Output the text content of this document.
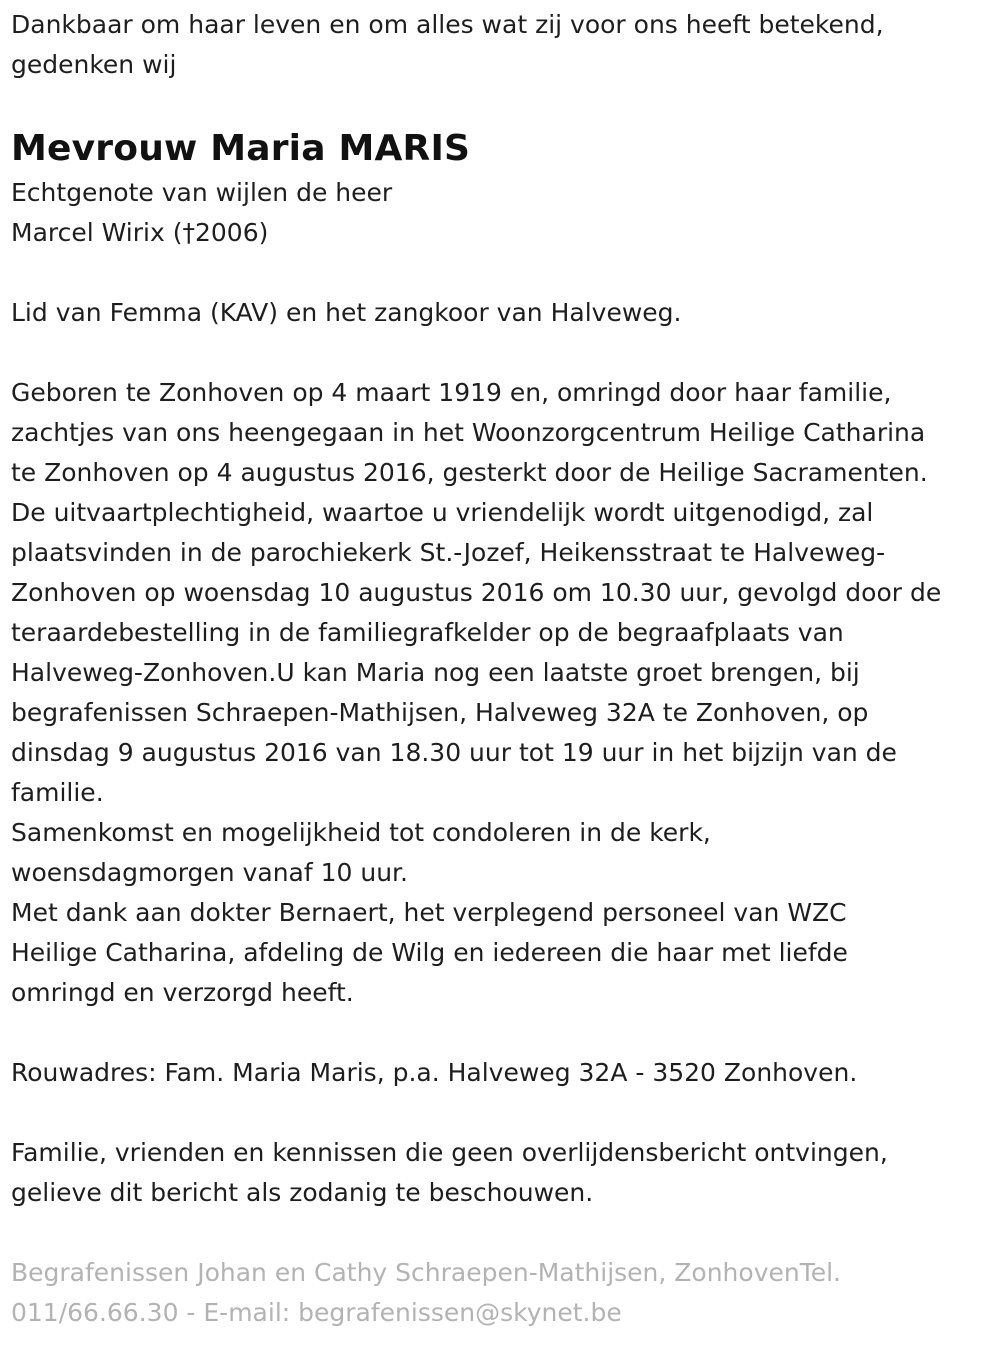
Dankbaar om haar leven en om alles wat zij voor ons heeft betekend,
gedenken wij

Mevrouw Maria MARIS

Echtgenote van wijlen de heer
Marcel Wirix (†2006)

Lid van Femma (KAV) en het zangkoor van Halveweg.

Geboren te Zonhoven op 4 maart 1919 en, omringd door haar familie,
zachtjes van ons heengegaan in het Woonzorgcentrum Heilige Catharina
te Zonhoven op 4 augustus 2016, gesterkt door de Heilige Sacramenten.
De uitvaartplechtigheid, waartoe u vriendelijk wordt uitgenodigd, zal
plaatsvinden in de parochiekerk St.-Jozef, Heikensstraat te Halveweg-
Zonhoven op woensdag 10 augustus 2016 om 10.30 uur, gevolgd door de
teraardebestelling in de familiegrafkelder op de begraafplaats van
Halveweg-Zonhoven.U kan Maria nog een laatste groet brengen, bij
begrafenissen Schraepen-Mathijsen, Halveweg 32A te Zonhoven, op
dinsdag 9 augustus 2016 van 18.30 uur tot 19 uur in het bijzijn van de
familie.
Samenkomst en mogelijkheid tot condoleren in de kerk,
woensdagmorgen vanaf 10 uur.
Met dank aan dokter Bernaert, het verplegend personeel van WZC
Heilige Catharina, afdeling de Wilg en iedereen die haar met liefde
omringd en verzorgd heeft.

Rouwadres: Fam. Maria Maris, p.a. Halveweg 32A - 3520 Zonhoven.

Familie, vrienden en kennissen die geen overlijdensbericht ontvingen,
gelieve dit bericht als zodanig te beschouwen.

Begrafenissen Johan en Cathy Schraepen-Mathijsen, ZonhovenTel.
011/66.66.30 - E-mail: begrafenissen@skynet.be
